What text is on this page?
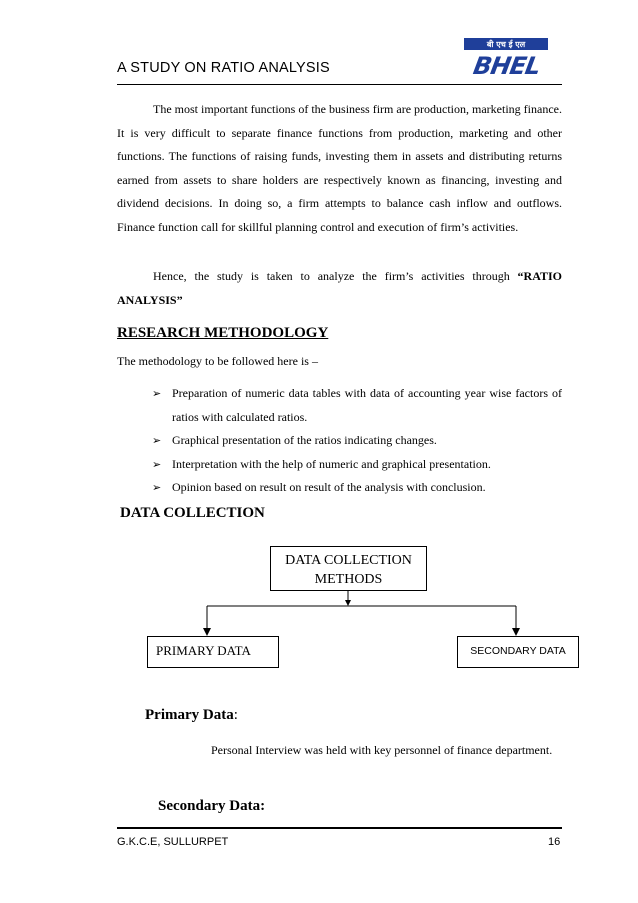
A STUDY ON RATIO ANALYSIS
बी एच ई एल
BHEL
The most important functions of the business firm are production, marketing finance. It is very difficult to separate finance functions from production, marketing and other functions. The functions of raising funds, investing them in assets and distributing returns earned from assets to share holders are respectively known as financing, investing and dividend decisions. In doing so, a firm attempts to balance cash inflow and outflows. Finance function call for skillful planning control and execution of firm’s activities.
Hence, the study is taken to analyze the firm’s activities through “RATIO ANALYSIS”
RESEARCH METHODOLOGY
The methodology to be followed here is –
➢ Preparation of numeric data tables with data of accounting year wise factors of ratios with calculated ratios.
➢ Graphical presentation of the ratios indicating changes.
➢ Interpretation with the help of numeric and graphical presentation.
➢ Opinion based on result on result of the analysis with conclusion.
DATA COLLECTION
DATA COLLECTION METHODS
PRIMARY DATA	SECONDARY DATA
Primary Data:
Personal Interview was held with key personnel of finance department.
Secondary Data:
G.K.C.E, SULLURPET	16
